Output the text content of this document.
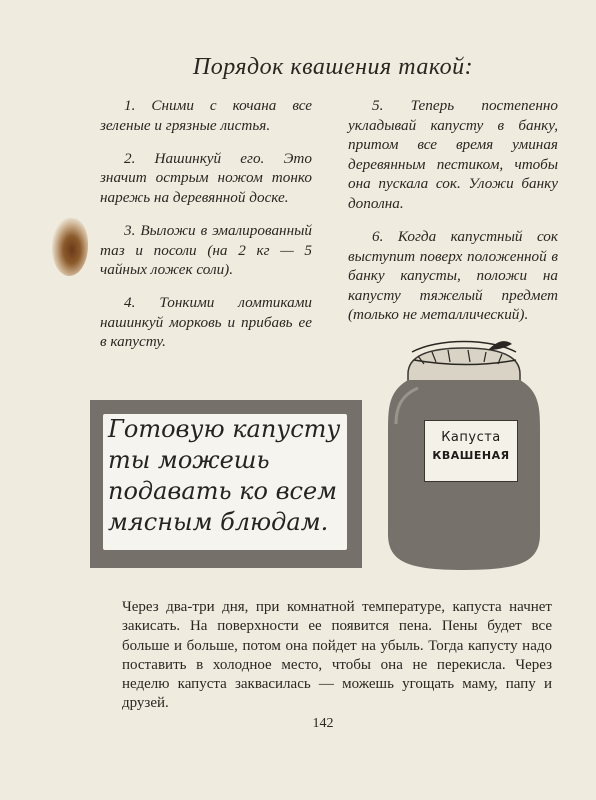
Порядок квашения такой:

1. Сними с кочана все зеленые и грязные листья.

2. Нашинкуй его. Это значит острым ножом тонко нарежь на деревянной доске.

3. Выложи в эмалированный таз и посоли (на 2 кг — 5 чайных ложек соли).

4. Тонкими ломтиками нашинкуй морковь и прибавь ее в капусту.

5. Теперь постепенно укладывай капусту в банку, притом все время уминая деревянным пестиком, чтобы она пускала сок. Уложи банку дополна.

6. Когда капустный сок выступит поверх положенной в банку капусты, положи на капусту тяжелый предмет (только не металлический).

Готовую капусту
ты можешь
подавать ко всем
мясным блюдам.
Капуста
КВАШЕНАЯ

Через два-три дня, при комнатной температуре, капуста начнет закисать. На поверхности ее появится пена. Пены будет все больше и больше, потом она пойдет на убыль. Тогда капусту надо поставить в холодное место, чтобы она не перекисла. Через неделю капуста заквасилась — можешь угощать маму, папу и друзей.

142
